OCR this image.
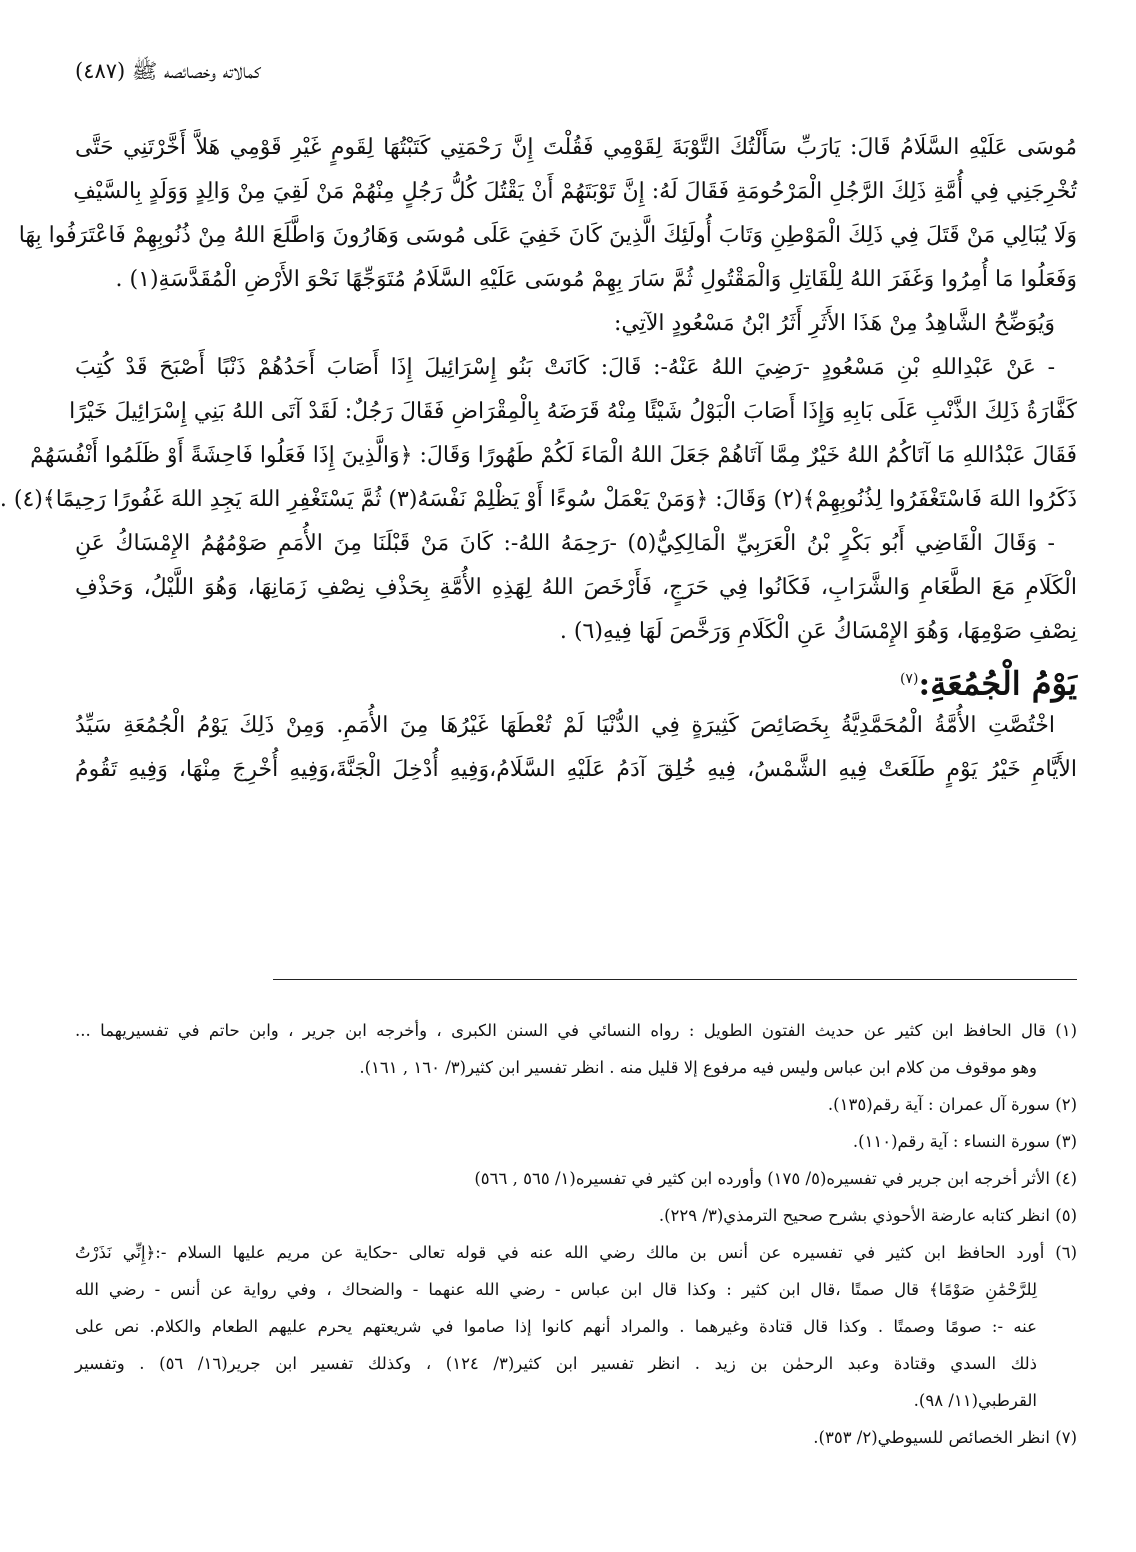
كمالاته وخصائصه ﷺ (٤٨٧)
مُوسَى عَلَيْهِ السَّلَامُ قَالَ: يَارَبِّ سَأَلْتُكَ التَّوْبَةَ لِقَوْمِي فَقُلْتَ إِنَّ رَحْمَتِي كَتَبْتُهَا لِقَومٍ غَيْرِ قَوْمِي هَلاَّ أَخَّرْتَنِي حَتَّى
تُخْرِجَنِي فِي أُمَّةِ ذَلِكَ الرَّجُلِ الْمَرْحُومَةِ فَقَالَ لَهُ: إِنَّ تَوْبَتَهُمْ أَنْ يَقْتُلَ كُلُّ رَجُلٍ مِنْهُمْ مَنْ لَقِيَ مِنْ وَالِدٍ وَوَلَدٍ بِالسَّيْفِ
وَلَا يُبَالِي مَنْ قَتَلَ فِي ذَلِكَ الْمَوْطِنِ وَتَابَ أُولَئِكَ الَّذِينَ كَانَ خَفِيَ عَلَى مُوسَى وَهَارُونَ وَاطَّلَعَ اللهُ مِنْ ذُنُوبِهِمْ فَاعْتَرَفُوا بِهَا
وَفَعَلُوا مَا أُمِرُوا وَغَفَرَ اللهُ لِلْقَاتِلِ وَالْمَقْتُولِ ثُمَّ سَارَ بِهِمْ مُوسَى عَلَيْهِ السَّلَامُ مُتَوَجِّهًا نَحْوَ الأَرْضِ الْمُقَدَّسَةِ(١) .
وَيُوَضِّحُ الشَّاهِدُ مِنْ هَذَا الأَثَرِ أَثَرُ ابْنُ مَسْعُودٍ الآتِي:
- عَنْ عَبْدِاللهِ بْنِ مَسْعُودٍ -رَضِيَ اللهُ عَنْهُ-: قَالَ: كَانَتْ بَنُو إِسْرَائِيلَ إِذَا أَصَابَ أَحَدُهُمْ ذَنْبًا أَصْبَحَ قَدْ كُتِبَ
كَفَّارَةُ ذَلِكَ الذَّنْبِ عَلَى بَابِهِ وَإِذَا أَصَابَ الْبَوْلُ شَيْئًا مِنْهُ قَرَضَهُ بِالْمِقْرَاضِ فَقَالَ رَجُلٌ: لَقَدْ آتَى اللهُ بَنِي إِسْرَائِيلَ خَيْرًا
فَقَالَ عَبْدُاللهِ مَا آتَاكُمُ اللهُ خَيْرٌ مِمَّا آتَاهُمْ جَعَلَ اللهُ الْمَاءَ لَكُمْ طَهُورًا وَقَالَ: ﴿وَالَّذِينَ إِذَا فَعَلُوا فَاحِشَةً أَوْ ظَلَمُوا أَنْفُسَهُمْ
ذَكَرُوا اللهَ فَاسْتَغْفَرُوا لِذُنُوبِهِمْ﴾(٢) وَقَالَ: ﴿وَمَنْ يَعْمَلْ سُوءًا أَوْ يَظْلِمْ نَفْسَهُ(٣) ثُمَّ يَسْتَغْفِرِ اللهَ يَجِدِ اللهَ غَفُورًا رَحِيمًا﴾(٤) .
- وَقَالَ الْقَاضِي أَبُو بَكْرٍ بْنُ الْعَرَبِيِّ الْمَالِكِيُّ(٥) -رَحِمَهُ اللهُ-: كَانَ مَنْ قَبْلَنَا مِنَ الأُمَمِ صَوْمُهُمُ الإِمْسَاكُ عَنِ
الْكَلَامِ مَعَ الطَّعَامِ وَالشَّرَابِ، فَكَانُوا فِي حَرَجٍ، فَأَرْخَصَ اللهُ لِهَذِهِ الأُمَّةِ بِحَذْفِ نِصْفِ زَمَانِهَا، وَهُوَ اللَّيْلُ، وَحَذْفِ
نِصْفِ صَوْمِهَا، وَهُوَ الإِمْسَاكُ عَنِ الْكَلَامِ وَرَخَّصَ لَهَا فِيهِ(٦) .
يَوْمُ الْجُمُعَةِ:$^{(٧)}$
اخْتُصَّتِ الأُمَّةُ الْمُحَمَّدِيَّةُ بِخَصَائِصَ كَثِيرَةٍ فِي الدُّنْيَا لَمْ تُعْطَهَا غَيْرُهَا مِنَ الأُمَمِ. وَمِنْ ذَلِكَ يَوْمُ الْجُمُعَةِ سَيِّدُ
الأَيَّامِ خَيْرُ يَوْمٍ طَلَعَتْ فِيهِ الشَّمْسُ، فِيهِ خُلِقَ آدَمُ عَلَيْهِ السَّلَامُ،وَفِيهِ أُدْخِلَ الْجَنَّةَ،وَفِيهِ أُخْرِجَ مِنْهَا، وَفِيهِ تَقُومُ
(١) قال الحافظ ابن كثير عن حديث الفتون الطويل : رواه النسائي في السنن الكبرى ، وأخرجه ابن جرير ، وابن حاتم في تفسيريهما ...
وهو موقوف من كلام ابن عباس وليس فيه مرفوع إلا قليل منه . انظر تفسير ابن كثير(٣/ ١٦٠ , ١٦١).
(٢) سورة آل عمران : آية رقم(١٣٥).
(٣) سورة النساء : آية رقم(١١٠).
(٤) الأثر أخرجه ابن جرير في تفسيره(٥/ ١٧٥) وأورده ابن كثير في تفسيره(١/ ٥٦٥ , ٥٦٦)
(٥) انظر كتابه عارضة الأحوذي بشرح صحيح الترمذي(٣/ ٢٢٩).
(٦) أورد الحافظ ابن كثير في تفسيره عن أنس بن مالك رضي الله عنه في قوله تعالى -حكاية عن مريم عليها السلام -:﴿إِنِّي نَذَرْتُ
لِلرَّحْمَٰنِ صَوْمًا﴾ قال صمتًا ،قال ابن كثير : وكذا قال ابن عباس - رضي الله عنهما - والضحاك ، وفي رواية عن أنس - رضي الله
عنه -: صومًا وصمتًا . وكذا قال قتادة وغيرهما . والمراد أنهم كانوا إذا صاموا في شريعتهم يحرم عليهم الطعام والكلام. نص على
ذلك السدي وقتادة وعبد الرحمٰن بن زيد . انظر تفسير ابن كثير(٣/ ١٢٤) ، وكذلك تفسير ابن جرير(١٦/ ٥٦) . وتفسير
القرطبي(١١/ ٩٨).
(٧) انظر الخصائص للسيوطي(٢/ ٣٥٣).
